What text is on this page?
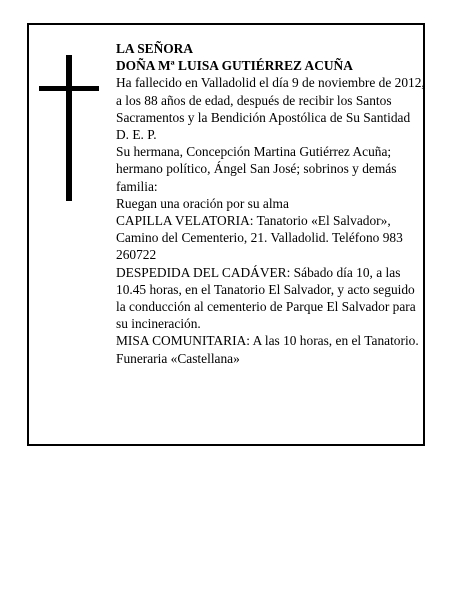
LA SEÑORA

DOÑA Mª LUISA GUTIÉRREZ ACUÑA

Ha fallecido en Valladolid el día 9 de noviembre de 2012, a los 88 años de edad, después de recibir los Santos Sacramentos y la Bendición Apostólica de Su Santidad

D. E. P.

Su hermana, Concepción Martina Gutiérrez Acuña; hermano político, Ángel San José; sobrinos y demás familia:

Ruegan una oración por su alma

CAPILLA VELATORIA: Tanatorio «El Salvador», Camino del Cementerio, 21. Valladolid. Teléfono 983 260722

DESPEDIDA DEL CADÁVER: Sábado día 10, a las 10.45 horas, en el Tanatorio El Salvador, y acto seguido la conducción al cementerio de Parque El Salvador para su incineración.

MISA COMUNITARIA: A las 10 horas, en el Tanatorio.

Funeraria «Castellana»
